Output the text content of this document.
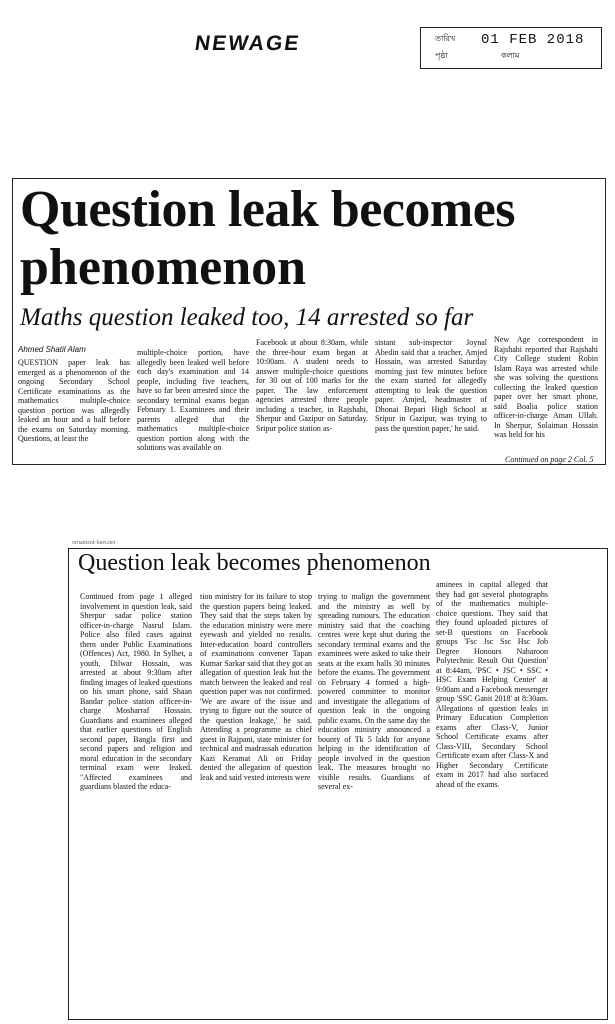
NEWAGE	তারিখ 01 FEB 2018
পৃষ্ঠা	কলাম
Question leak becomes
phenomenon
Maths question leaked too, 14 arrested so far
Ahmed Shatil Alam
QUESTION paper leak has emerged as a phenomenon of the ongoing Secondary School Certificate examinations as the mathematics multiple-choice question portion was allegedly leaked an hour and a half before the exams on Saturday morning. Questions, at least the
multiple-choice portion, have allegedly been leaked well before each day's examination and 14 people, including five teachers, have so far been arrested since the secondary terminal exams began February 1. Examinees and their parents alleged that the mathematics multiple-choice question portion along with the solutions was available on
Facebook at about 8:30am, while the three-hour exam began at 10:00am. A student needs to answer multiple-choice questions for 30 out of 100 marks for the paper. The law enforcement agencies arrested three people including a teacher, in Rajshahi, Sherpur and Gazipur on Saturday. Sripur police station as-
sistant sub-inspector Joynal Abedin said that a teacher, Amjed Hossain, was arrested Saturday morning just few minutes before the exam started for allegedly attempting to leak the question paper. Amjed, headmaster of Dhonai Bepari High School at Sripur in Gazipur, was trying to pass the question paper,' he said.
New Age correspondent in Rajshahi reported that Rajshahi City College student Robin Islam Raya was arrested while she was solving the questions collecting the leaked question paper over her smart phone, said Boalia police station officer-in-charge Aman Ullah. In Sherpur, Solaiman Hossain was held for his
Continued on page 2 Col. 5
ornament-bars.net
Question leak becomes phenomenon
Continued from page 1 alleged involvement in question leak, said Sherpur sadar police station officer-in-charge Nasrul Islam. Police also filed cases against them under Public Examinations (Offences) Act, 1980. In Sylhet, a youth, Dilwar Hossain, was arrested at about 9:30am after finding images of leaked questions on his smart phone, said Shaan Bandar police station officer-in-charge Mosharraf Hossain. Guardians and examinees alleged that earlier questions of English second paper, Bangla first and second papers and religion and moral education in the secondary terminal exam were leaked. "Affected examinees and guardians blasted the educa-
tion ministry for its failure to stop the question papers being leaked. They said that the steps taken by the education ministry were mere eyewash and yielded no results. Inter-education board controllers of examinations convener Tapan Kumar Sarkar said that they got an allegation of question leak but the match between the leaked and real question paper was not confirmed. 'We are aware of the issue and trying to figure out the source of the question leakage,' he said. Attending a programme as chief guest in Rajpani, state minister for technical and madrassah education Kazi Keramat Ali on Friday denied the allegation of question leak and said vested interests were
trying to malign the government and the ministry as well by spreading rumours. The education ministry said that the coaching centres were kept shut during the secondary terminal exams and the examinees were asked to take their seats at the exam halls 30 minutes before the exams. The government on February 4 formed a high-powered committee to monitor and investigate the allegations of question leak in the ongoing public exams. On the same day the education ministry announced a bounty of Tk 5 lakh for anyone helping in the identification of people involved in the question leak. The measures brought no visible results. Guardians of several ex-
aminees in capital alleged that they had got several photographs of the mathematics multiple-choice questions. They said that they found uploaded pictures of set-B questions on Facebook groups 'Fsc Jsc Ssc Hsc Job Degree Honours Nabaroon Polytechnic Result Out Question' at 8:44am, 'PSC • JSC • SSC • HSC Exam Helping Center' at 9:00am and a Facebook messenger group 'SSC Ganit 2018' at 8:30am. Allegations of question leaks in Primary Education Completion exams after Class-V, Junior School Certificate exams after Class-VIII, Secondary School Certificate exam after Class-X and Higher Secondary Certificate exam in 2017 had also surfaced ahead of the exams.
